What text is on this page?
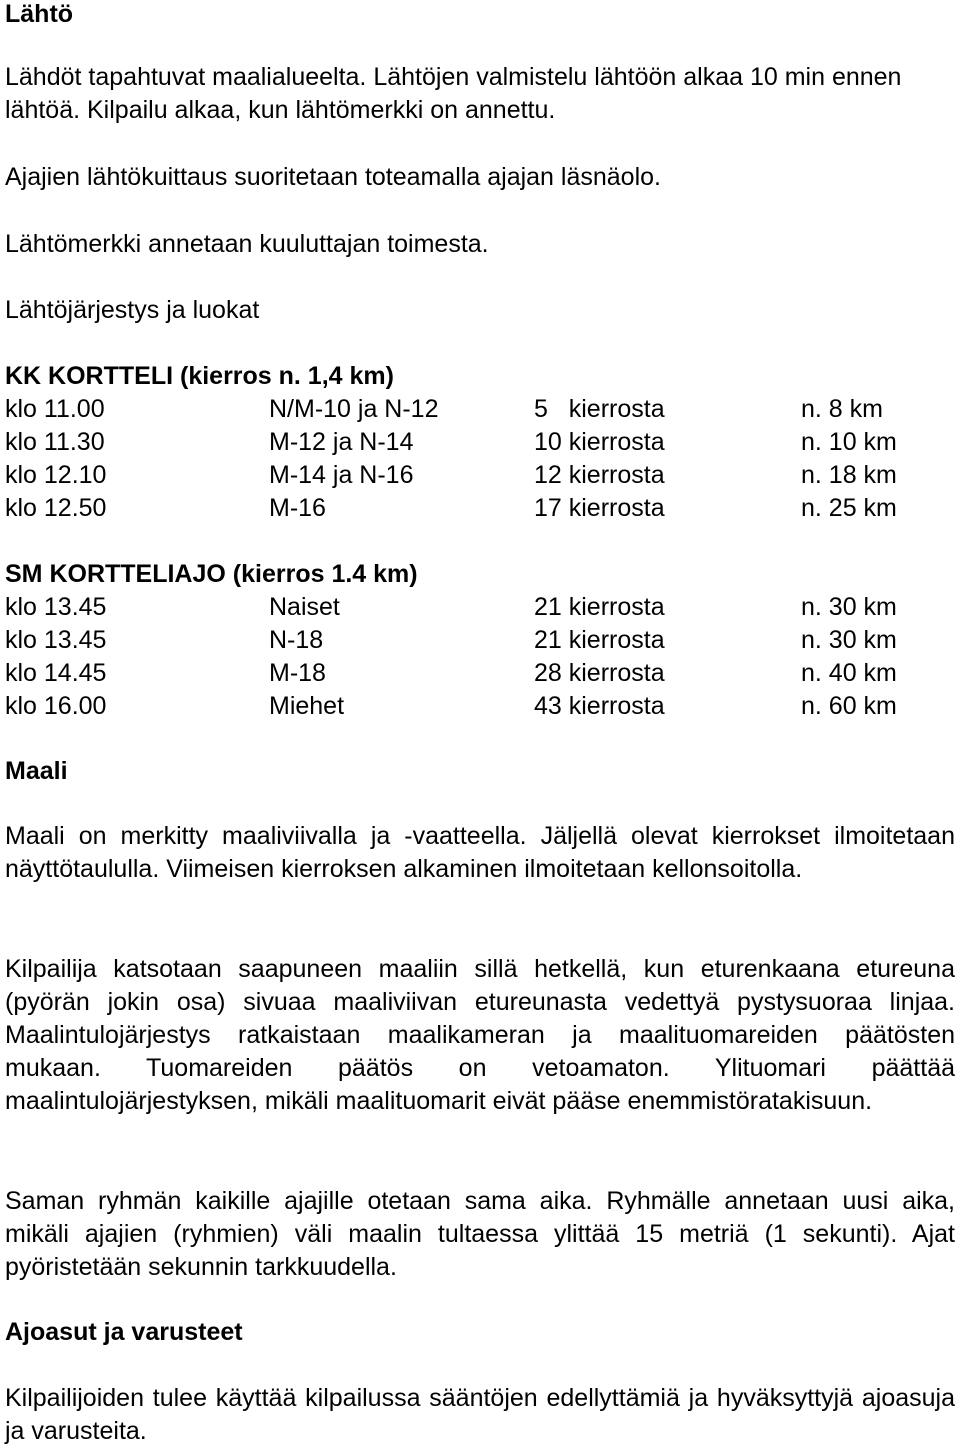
Lähtö

Lähdöt tapahtuvat maalialueelta. Lähtöjen valmistelu lähtöön alkaa 10 min ennen lähtöä. Kilpailu alkaa, kun lähtömerkki on annettu.

Ajajien lähtökuittaus suoritetaan toteamalla ajajan läsnäolo.

Lähtömerkki annetaan kuuluttajan toimesta.

Lähtöjärjestys ja luokat

KK KORTTELI (kierros n. 1,4 km)

klo 11.00	N/M-10 ja N-12	5   kierrosta	n. 8 km
klo 11.30	M-12 ja N-14	10 kierrosta	n. 10 km
klo 12.10	M-14 ja N-16	12 kierrosta	n. 18 km
klo 12.50	M-16	17 kierrosta	n. 25 km

SM KORTTELIAJO (kierros 1.4 km)

klo 13.45	Naiset	21 kierrosta	n. 30 km
klo 13.45	N-18	21 kierrosta	n. 30 km
klo 14.45	M-18	28 kierrosta	n. 40 km
klo 16.00	Miehet	43 kierrosta	n. 60 km

Maali

Maali on merkitty maaliviivalla ja -vaatteella. Jäljellä olevat kierrokset ilmoitetaan näyttötaululla. Viimeisen kierroksen alkaminen ilmoitetaan kellonsoitolla.

Kilpailija katsotaan saapuneen maaliin sillä hetkellä, kun eturenkaana etureuna (pyörän jokin osa) sivuaa maaliviivan etureunasta vedettyä pystysuoraa linjaa. Maalintulojärjestys ratkaistaan maalikameran ja maalituomareiden päätösten mukaan. Tuomareiden päätös on vetoamaton. Ylituomari päättää maalintulojärjestyksen, mikäli maalituomarit eivät pääse enemmistöratakisuun.

Saman ryhmän kaikille ajajille otetaan sama aika. Ryhmälle annetaan uusi aika, mikäli ajajien (ryhmien) väli maalin tultaessa ylittää 15 metriä (1 sekunti). Ajat pyöristetään sekunnin tarkkuudella.

Ajoasut ja varusteet

Kilpailijoiden tulee käyttää kilpailussa sääntöjen edellyttämiä ja hyväksyttyjä ajoasuja ja varusteita.
